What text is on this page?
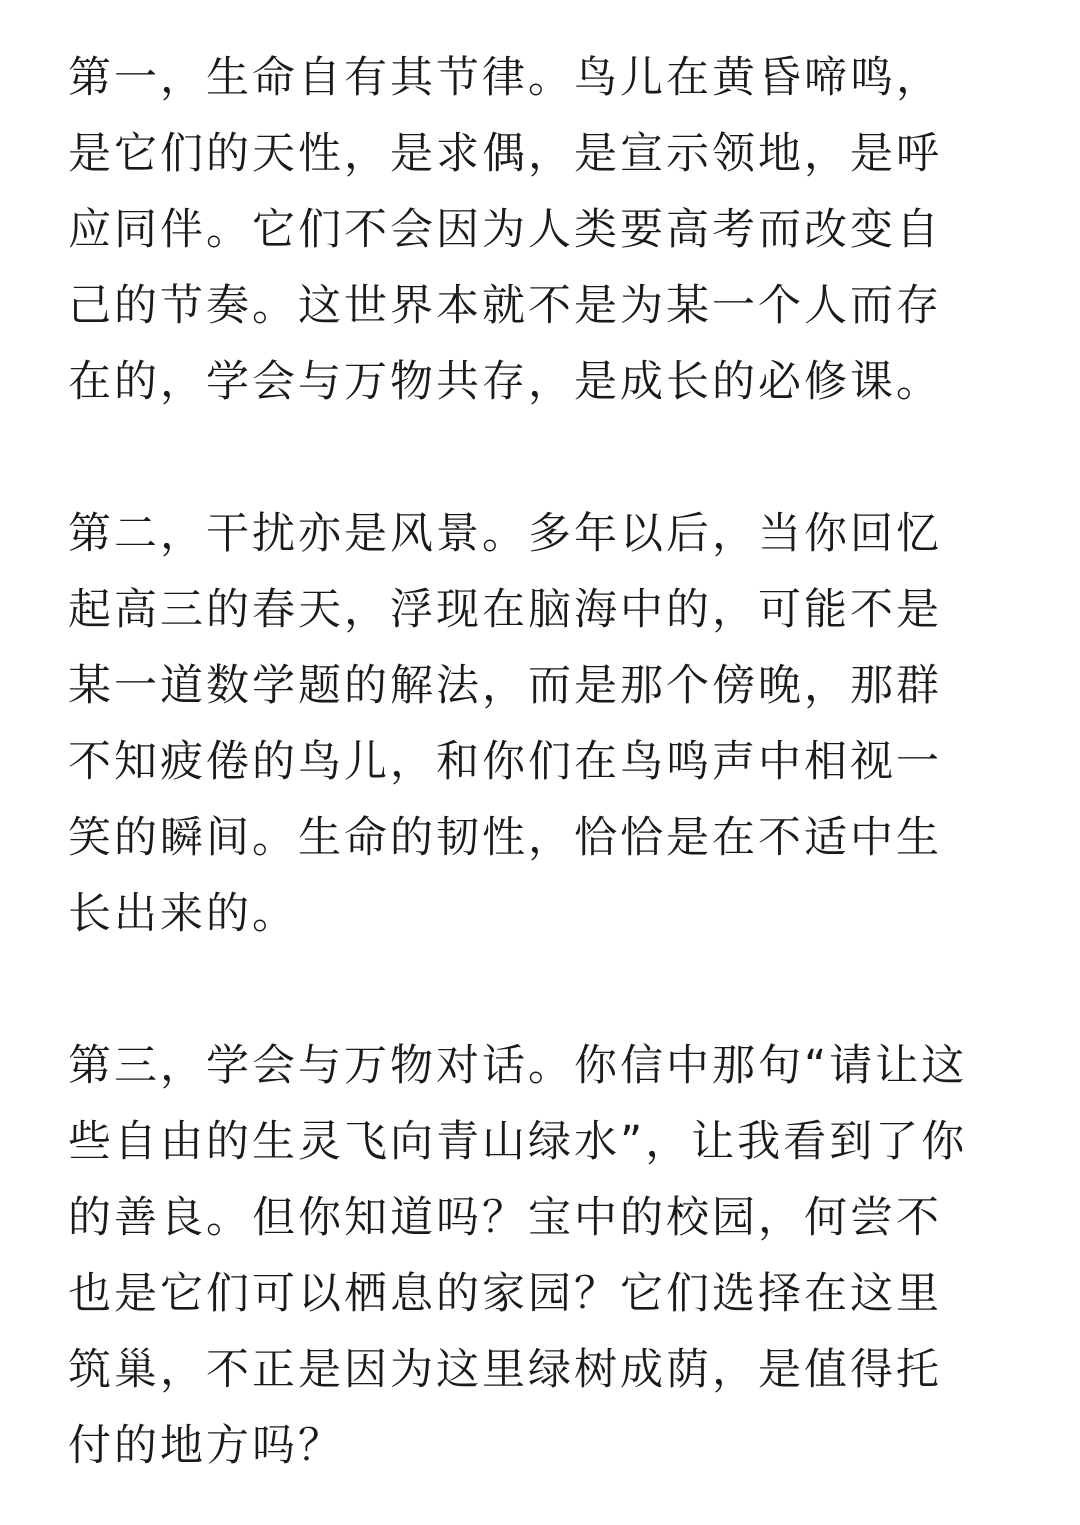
第一，生命自有其节律。鸟儿在黄昏啼鸣，
是它们的天性，是求偶，是宣示领地，是呼
应同伴。它们不会因为人类要高考而改变自
己的节奏。这世界本就不是为某一个人而存
在的，学会与万物共存，是成长的必修课。

第二，干扰亦是风景。多年以后，当你回忆
起高三的春天，浮现在脑海中的，可能不是
某一道数学题的解法，而是那个傍晚，那群
不知疲倦的鸟儿，和你们在鸟鸣声中相视一
笑的瞬间。生命的韧性，恰恰是在不适中生
长出来的。

第三，学会与万物对话。你信中那句“请让这
些自由的生灵飞向青山绿水”，让我看到了你
的善良。但你知道吗？宝中的校园，何尝不
也是它们可以栖息的家园？它们选择在这里
筑巢，不正是因为这里绿树成荫，是值得托
付的地方吗？
